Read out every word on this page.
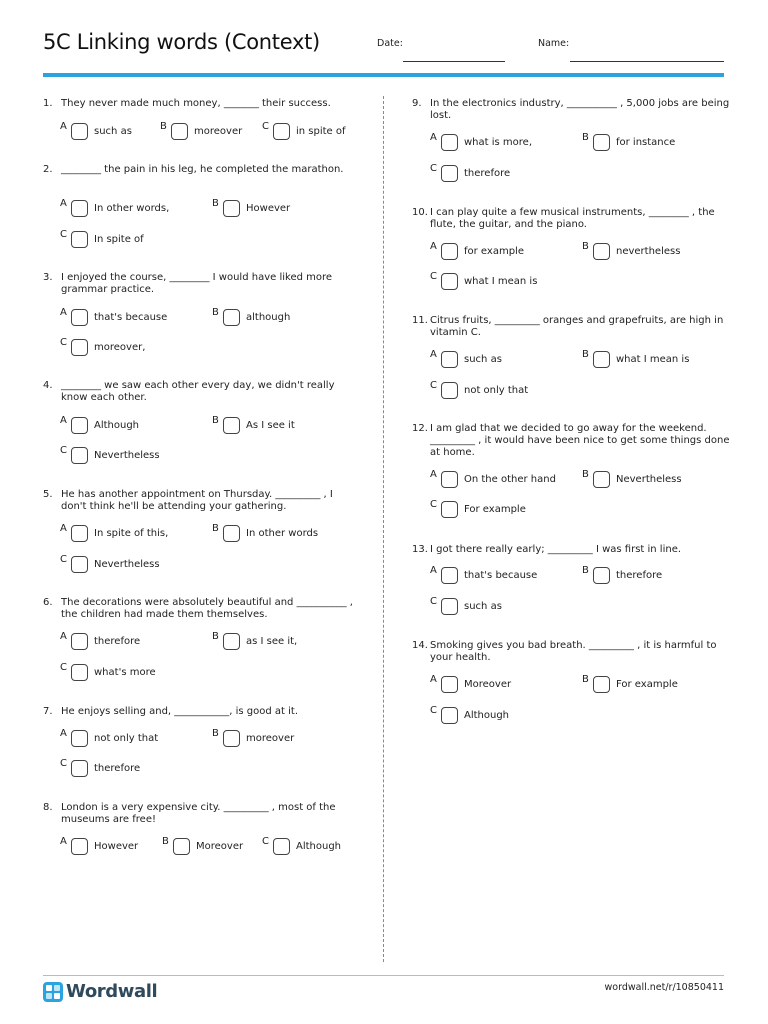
5C Linking words (Context)	Date:	Name:
1. They never made much money, _______ their success.
A	such as	B	moreover C	in spite of
2. ________ the pain in his leg, he completed the marathon.
A	In other words,	B	However
C	In spite of
3. I enjoyed the course, ________ I would have liked more grammar practice.
A	that's because	B	although
C	moreover,
4. ________ we saw each other every day, we didn't really know each other.
A	Although	B	As I see it
C	Nevertheless
5. He has another appointment on Thursday. _________ , I don't think he'll be attending your gathering.
A	In spite of this,	B	In other words
C	Nevertheless
6. The decorations were absolutely beautiful and __________ , the children had made them themselves.
A	therefore	B	as I see it,
C	what's more
7. He enjoys selling and, ___________, is good at it.
A	not only that	B	moreover
C	therefore
8. London is a very expensive city. _________ , most of the museums are free!
A	However B	Moreover C	Although
9. In the electronics industry, __________ , 5,000 jobs are being lost.
A	what is more,	B	for instance
C	therefore
10. I can play quite a few musical instruments, ________ , the flute, the guitar, and the piano.
A	for example	B	nevertheless
C	what I mean is
11. Citrus fruits, _________ oranges and grapefruits, are high in vitamin C.
A	such as	B	what I mean is
C	not only that
12. I am glad that we decided to go away for the weekend. _________ , it would have been nice to get some things done at home.
A	On the other hand	B	Nevertheless
C	For example
13. I got there really early; _________ I was first in line.
A	that's because	B	therefore
C	such as
14. Smoking gives you bad breath. _________ , it is harmful to your health.
A	Moreover	B	For example
C	Although
Wordwall	wordwall.net/r/10850411
